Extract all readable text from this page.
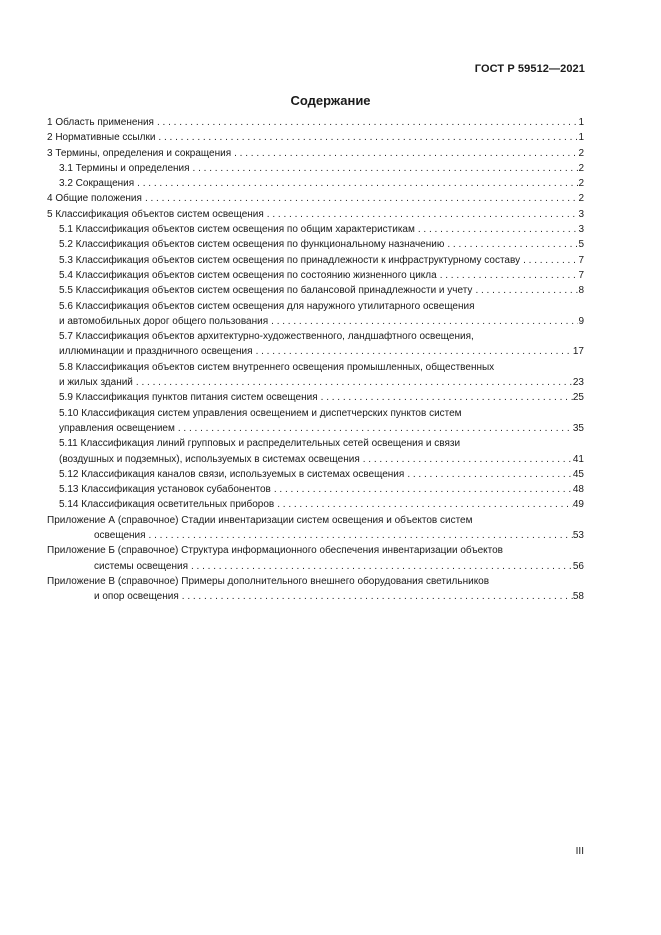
ГОСТ Р 59512—2021
Содержание
1 Область применения . . .	1
2 Нормативные ссылки . . .	1
3 Термины, определения и сокращения . . .	2
3.1 Термины и определения . . .	2
3.2 Сокращения . . .	2
4 Общие положения . . .	2
5 Классификация объектов систем освещения . . .	3
5.1 Классификация объектов систем освещения по общим характеристикам . . .	3
5.2 Классификация объектов систем освещения по функциональному назначению . . .	5
5.3 Классификация объектов систем освещения по принадлежности к инфраструктурному составу . . .	7
5.4 Классификация объектов систем освещения по состоянию жизненного цикла . . .	7
5.5 Классификация объектов систем освещения по балансовой принадлежности и учету . . .	8
5.6 Классификация объектов систем освещения для наружного утилитарного освещения
и автомобильных дорог общего пользования . . .	9
5.7 Классификация объектов архитектурно-художественного, ландшафтного освещения,
иллюминации и праздничного освещения . . .	17
5.8 Классификация объектов систем внутреннего освещения промышленных, общественных
и жилых зданий . . .	23
5.9 Классификация пунктов питания систем освещения . . .	25
5.10 Классификация систем управления освещением и диспетчерских пунктов систем
управления освещением . . .	35
5.11 Классификация линий групповых и распределительных сетей освещения и связи
(воздушных и подземных), используемых в системах освещения . . .	41
5.12 Классификация каналов связи, используемых в системах освещения . . .	45
5.13 Классификация установок субабонентов . . .	48
5.14 Классификация осветительных приборов . . .	49
Приложение А (справочное) Стадии инвентаризации систем освещения и объектов систем
освещения . . .	53
Приложение Б (справочное) Структура информационного обеспечения инвентаризации объектов
системы освещения . . .	56
Приложение В (справочное) Примеры дополнительного внешнего оборудования светильников
и опор освещения . . .	58
III
